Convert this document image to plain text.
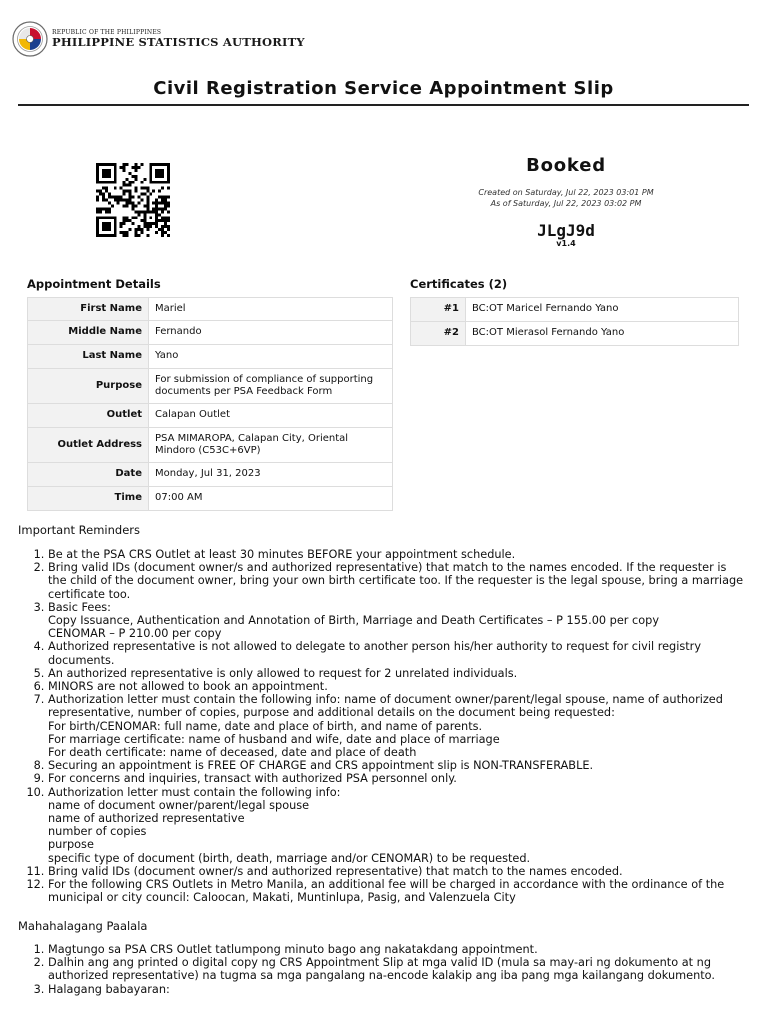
REPUBLIC OF THE PHILIPPINES
PHILIPPINE STATISTICS AUTHORITY
Civil Registration Service Appointment Slip
Booked
Created on Saturday, Jul 22, 2023 03:01 PM
As of Saturday, Jul 22, 2023 03:02 PM
JLgJ9d
v1.4
Appointment Details
First Name	Mariel
Middle Name	Fernando
Last Name	Yano
Purpose	For submission of compliance of supporting documents per PSA Feedback Form
Outlet	Calapan Outlet
Outlet Address	PSA MIMAROPA, Calapan City, Oriental Mindoro (C53C+6VP)
Date	Monday, Jul 31, 2023
Time	07:00 AM
Certificates (2)
#1	BC:OT Maricel Fernando Yano
#2	BC:OT Mierasol Fernando Yano
Important Reminders
1. Be at the PSA CRS Outlet at least 30 minutes BEFORE your appointment schedule.
2. Bring valid IDs (document owner/s and authorized representative) that match to the names encoded. If the requester is the child of the document owner, bring your own birth certificate too. If the requester is the legal spouse, bring a marriage certificate too.
3. Basic Fees:
Copy Issuance, Authentication and Annotation of Birth, Marriage and Death Certificates – P 155.00 per copy
CENOMAR – P 210.00 per copy
4. Authorized representative is not allowed to delegate to another person his/her authority to request for civil registry documents.
5. An authorized representative is only allowed to request for 2 unrelated individuals.
6. MINORS are not allowed to book an appointment.
7. Authorization letter must contain the following info: name of document owner/parent/legal spouse, name of authorized representative, number of copies, purpose and additional details on the document being requested:
For birth/CENOMAR: full name, date and place of birth, and name of parents.
For marriage certificate: name of husband and wife, date and place of marriage
For death certificate: name of deceased, date and place of death
8. Securing an appointment is FREE OF CHARGE and CRS appointment slip is NON-TRANSFERABLE.
9. For concerns and inquiries, transact with authorized PSA personnel only.
10. Authorization letter must contain the following info:
name of document owner/parent/legal spouse
name of authorized representative
number of copies
purpose
specific type of document (birth, death, marriage and/or CENOMAR) to be requested.
11. Bring valid IDs (document owner/s and authorized representative) that match to the names encoded.
12. For the following CRS Outlets in Metro Manila, an additional fee will be charged in accordance with the ordinance of the municipal or city council: Caloocan, Makati, Muntinlupa, Pasig, and Valenzuela City
Mahahalagang Paalala
1. Magtungo sa PSA CRS Outlet tatlumpong minuto bago ang nakatakdang appointment.
2. Dalhin ang ang printed o digital copy ng CRS Appointment Slip at mga valid ID (mula sa may-ari ng dokumento at ng authorized representative) na tugma sa mga pangalang na-encode kalakip ang iba pang mga kailangang dokumento.
3. Halagang babayaran:
